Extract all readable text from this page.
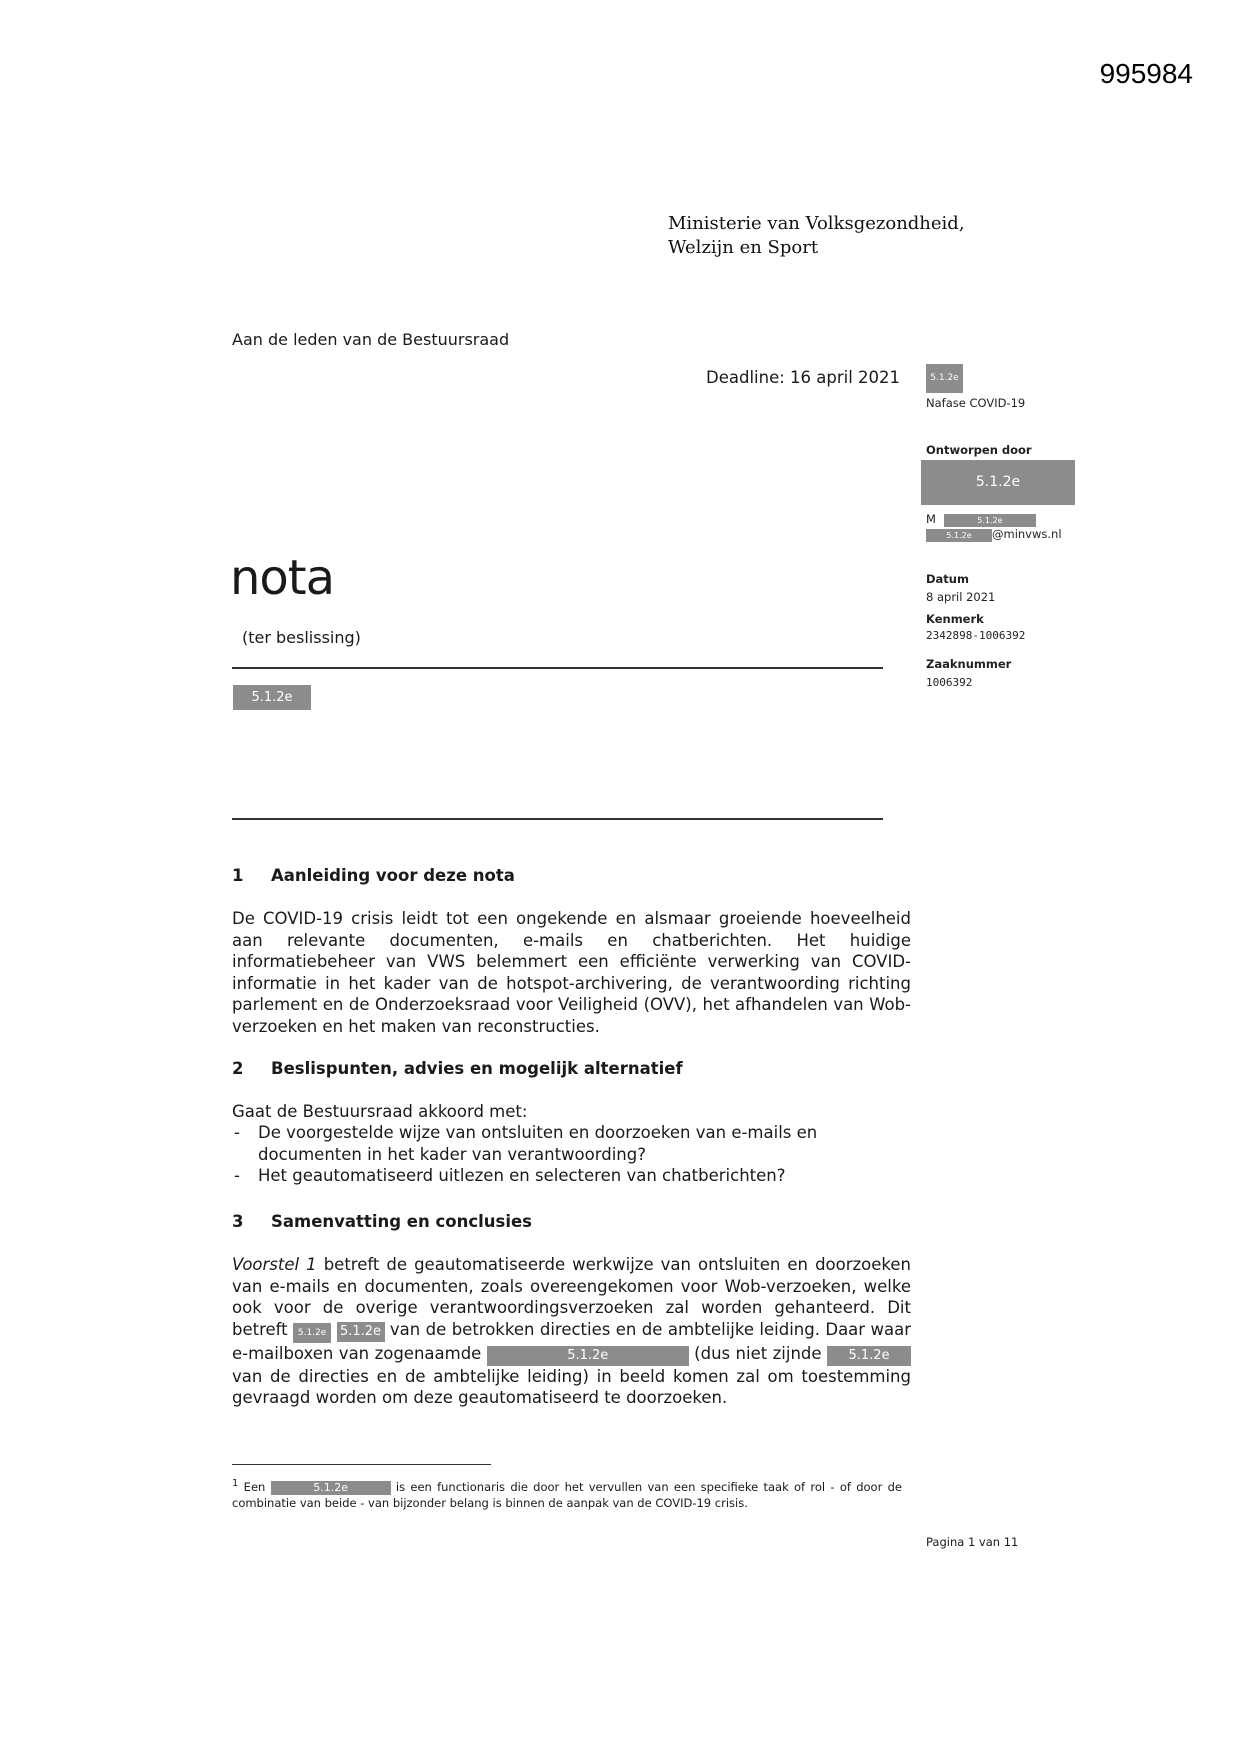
995984
Ministerie van Volksgezondheid,
Welzijn en Sport
Aan de leden van de Bestuursraad
Deadline: 16 april 2021	5.1.2e
Nafase COVID-19
Ontworpen door
5.1.2e
M	5.1.2e
5.1.2e @minvws.nl
Datum
8 april 2021
Kenmerk
2342898-1006392
Zaaknummer
1006392
nota
(ter beslissing)
5.1.2e
1 Aanleiding voor deze nota
De COVID-19 crisis leidt tot een ongekende en alsmaar groeiende hoeveelheid aan relevante documenten, e-mails en chatberichten. Het huidige informatiebeheer van VWS belemmert een efficiënte verwerking van COVID-informatie in het kader van de hotspot-archivering, de verantwoording richting parlement en de Onderzoeksraad voor Veiligheid (OVV), het afhandelen van Wob-verzoeken en het maken van reconstructies.
2 Beslispunten, advies en mogelijk alternatief
Gaat de Bestuursraad akkoord met:
- De voorgestelde wijze van ontsluiten en doorzoeken van e-mails en documenten in het kader van verantwoording?
- Het geautomatiseerd uitlezen en selecteren van chatberichten?
3 Samenvatting en conclusies
Voorstel 1 betreft de geautomatiseerde werkwijze van ontsluiten en doorzoeken van e-mails en documenten, zoals overeengekomen voor Wob-verzoeken, welke ook voor de overige verantwoordingsverzoeken zal worden gehanteerd. Dit betreft 5.1.2e 5.1.2e van de betrokken directies en de ambtelijke leiding. Daar waar e-mailboxen van zogenaamde	5.1.2e	(dus niet zijnde 5.1.2e van de directies en de ambtelijke leiding) in beeld komen zal om toestemming gevraagd worden om deze geautomatiseerd te doorzoeken.
$^1$ Een	5.1.2e	is een functionaris die door het vervullen van een specifieke taak of rol - of door de combinatie van beide - van bijzonder belang is binnen de aanpak van de COVID-19 crisis.
Pagina 1 van 11
